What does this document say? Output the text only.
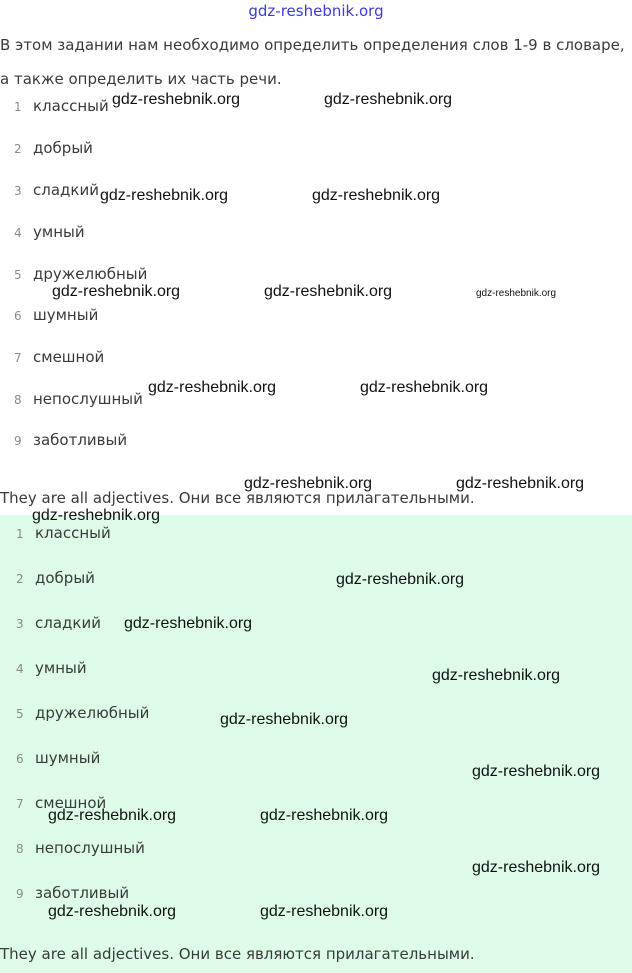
gdz-reshebnik.org
В этом задании нам необходимо определить определения слов 1-9 в словаре, а также определить их часть речи.
1 классный
2 добрый
3 сладкий
4 умный
5 дружелюбный
6 шумный
7 смешной
8 непослушный
9 заботливый
They are all adjectives. Они все являются прилагательными.
1 классный
2 добрый
3 сладкий
4 умный
5 дружелюбный
6 шумный
7 смешной
8 непослушный
9 заботливый
They are all adjectives. Они все являются прилагательными.
gdz-reshebnik.org	gdz-reshebnik.org
gdz-reshebnik.org	gdz-reshebnik.org
gdz-reshebnik.org	gdz-reshebnik.org	gdz-reshebnik.org
gdz-reshebnik.org	gdz-reshebnik.org
gdz-reshebnik.org	gdz-reshebnik.org
gdz-reshebnik.org
gdz-reshebnik.org
gdz-reshebnik.org
gdz-reshebnik.org
gdz-reshebnik.org
gdz-reshebnik.org
gdz-reshebnik.org	gdz-reshebnik.org
gdz-reshebnik.org
gdz-reshebnik.org	gdz-reshebnik.org
